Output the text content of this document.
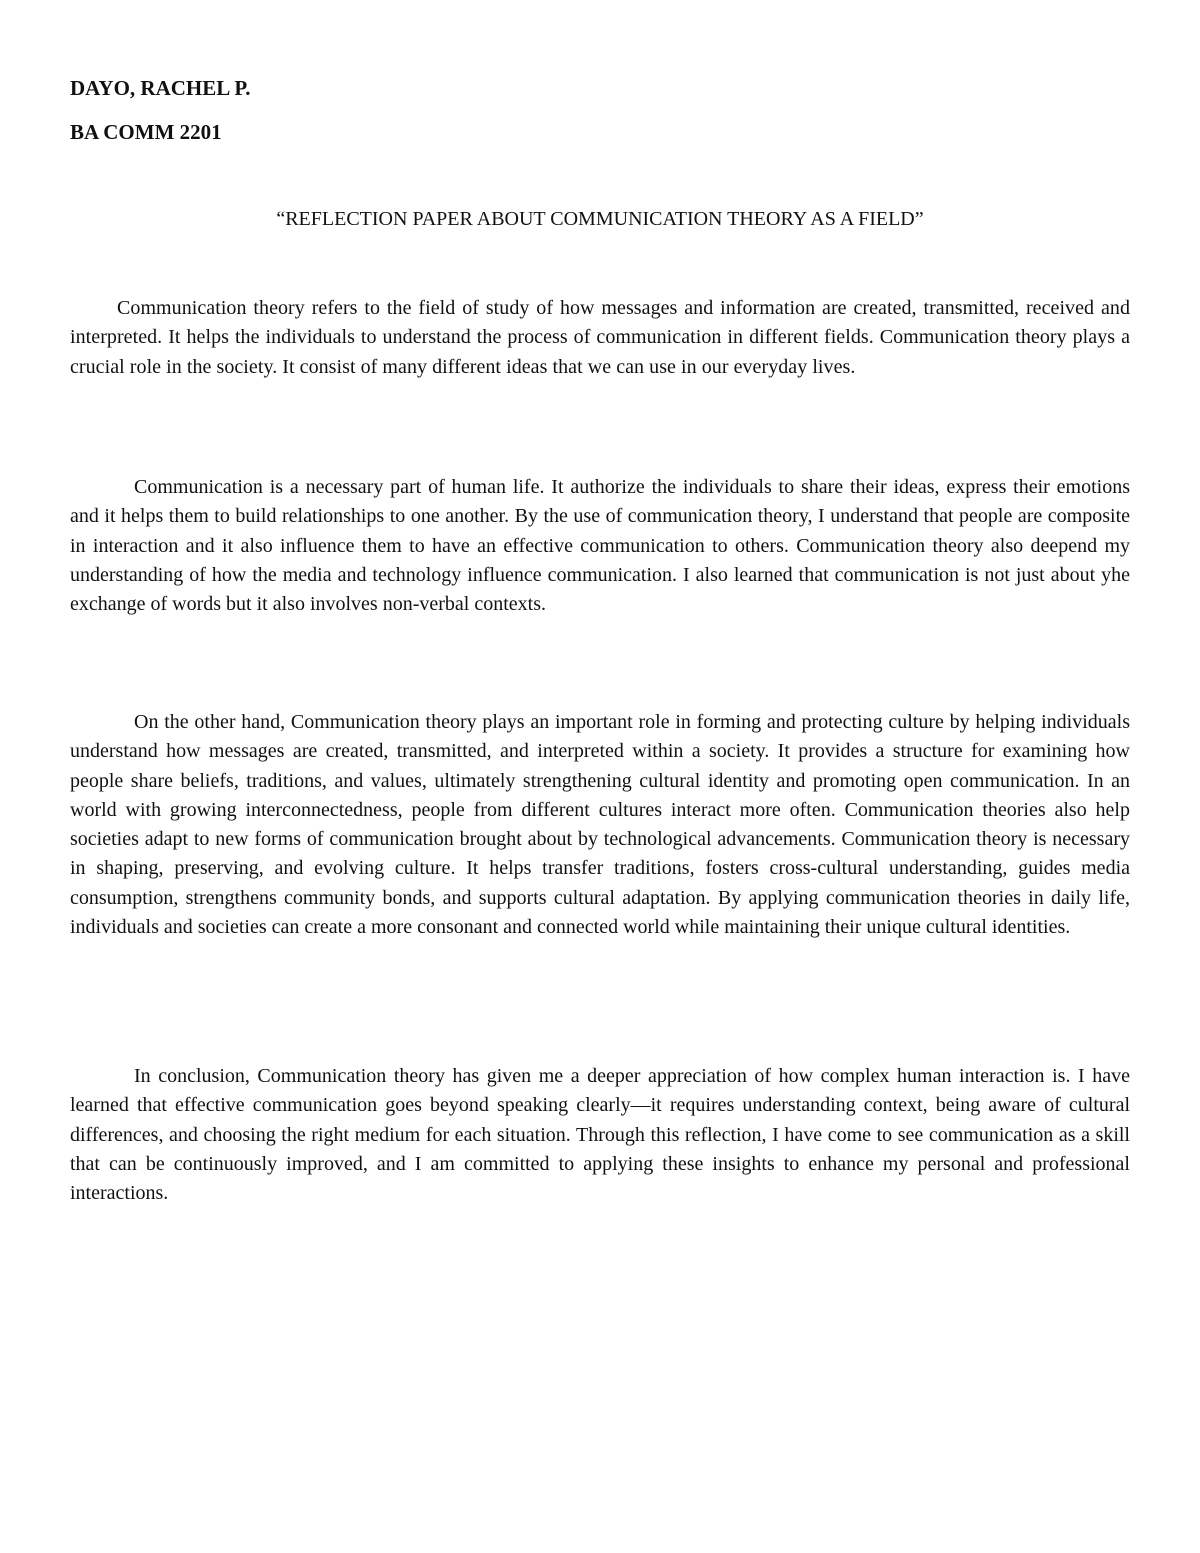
DAYO, RACHEL P.

BA COMM 2201

“REFLECTION PAPER ABOUT COMMUNICATION THEORY AS A FIELD”

Communication theory refers to the field of study of how messages and information are created, transmitted, received and interpreted. It helps the individuals to understand the process of communication in different fields. Communication theory plays a crucial role in the society. It consist of many different ideas that we can use in our everyday lives.

Communication is a necessary part of human life. It authorize the individuals to share their ideas, express their emotions and it helps them to build relationships to one another. By the use of communication theory, I understand that people are composite in interaction and it also influence them to have an effective communication to others. Communication theory also deepend my understanding of how the media and technology influence communication. I also learned that communication is not just about yhe exchange of words but it also involves non-verbal contexts.

On the other hand, Communication theory plays an important role in forming and protecting culture by helping individuals understand how messages are created, transmitted, and interpreted within a society. It provides a structure for examining how people share beliefs, traditions, and values, ultimately strengthening cultural identity and promoting open communication. In an world with growing interconnectedness, people from different cultures interact more often. Communication theories also help societies adapt to new forms of communication brought about by technological advancements. Communication theory is necessary in shaping, preserving, and evolving culture. It helps transfer traditions, fosters cross-cultural understanding, guides media consumption, strengthens community bonds, and supports cultural adaptation. By applying communication theories in daily life, individuals and societies can create a more consonant and connected world while maintaining their unique cultural identities.

In conclusion, Communication theory has given me a deeper appreciation of how complex human interaction is. I have learned that effective communication goes beyond speaking clearly—it requires understanding context, being aware of cultural differences, and choosing the right medium for each situation. Through this reflection, I have come to see communication as a skill that can be continuously improved, and I am committed to applying these insights to enhance my personal and professional interactions.
